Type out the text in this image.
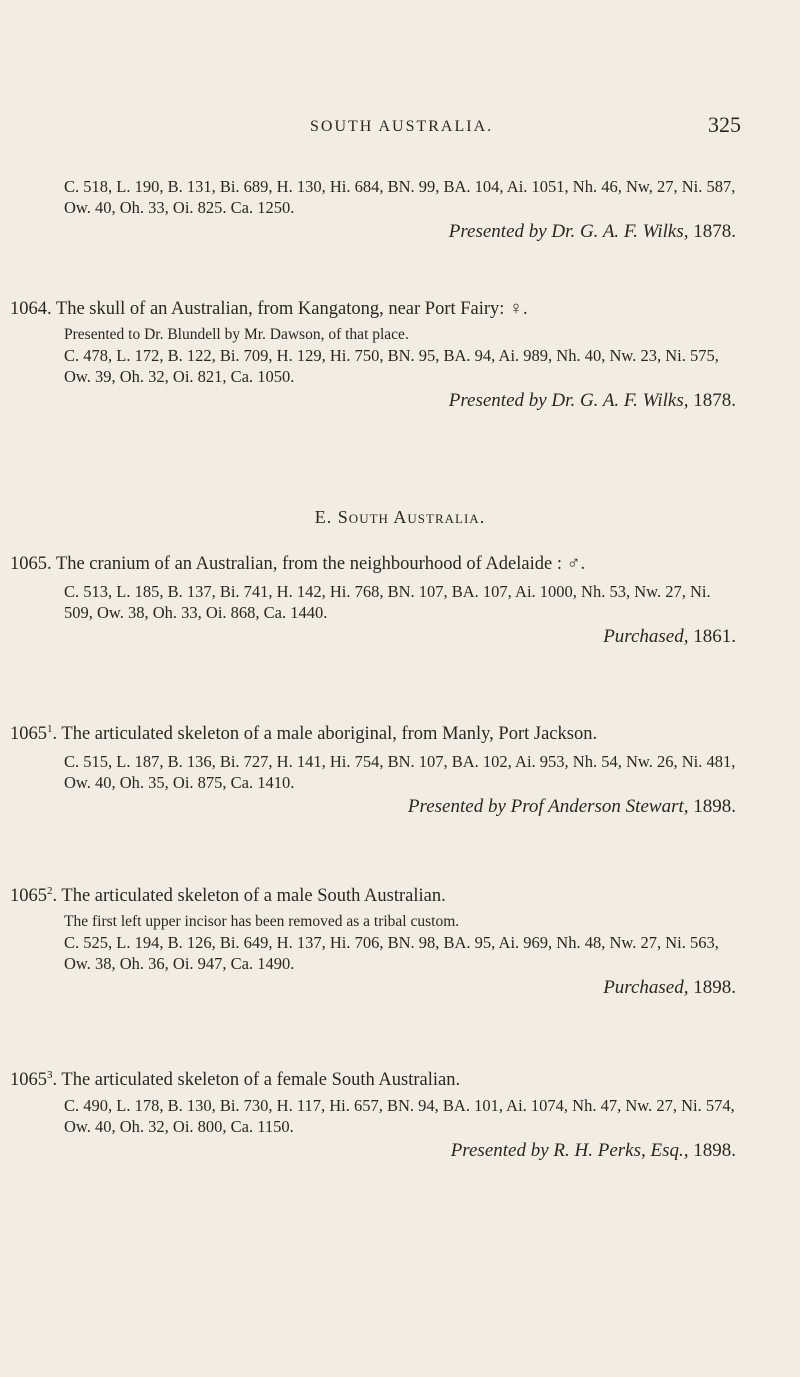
SOUTH AUSTRALIA.	325
C. 518, L. 190, B. 131, Bi. 689, H. 130, Hi. 684, BN. 99, BA. 104, Ai. 1051, Nh. 46, Nw, 27, Ni. 587, Ow. 40, Oh. 33, Oi. 825. Ca. 1250.
Presented by Dr. G. A. F. Wilks, 1878.
1064. The skull of an Australian, from Kangatong, near Port Fairy: ♀.
Presented to Dr. Blundell by Mr. Dawson, of that place.
C. 478, L. 172, B. 122, Bi. 709, H. 129, Hi. 750, BN. 95, BA. 94, Ai. 989, Nh. 40, Nw. 23, Ni. 575, Ow. 39, Oh. 32, Oi. 821, Ca. 1050.
Presented by Dr. G. A. F. Wilks, 1878.
E. South Australia.
1065. The cranium of an Australian, from the neighbourhood of Adelaide : ♂.
C. 513, L. 185, B. 137, Bi. 741, H. 142, Hi. 768, BN. 107, BA. 107, Ai. 1000, Nh. 53, Nw. 27, Ni. 509, Ow. 38, Oh. 33, Oi. 868, Ca. 1440.
Purchased, 1861.
1065$^1$. The articulated skeleton of a male aboriginal, from Manly, Port Jackson.
C. 515, L. 187, B. 136, Bi. 727, H. 141, Hi. 754, BN. 107, BA. 102, Ai. 953, Nh. 54, Nw. 26, Ni. 481, Ow. 40, Oh. 35, Oi. 875, Ca. 1410.
Presented by Prof Anderson Stewart, 1898.
1065$^2$. The articulated skeleton of a male South Australian.
The first left upper incisor has been removed as a tribal custom.
C. 525, L. 194, B. 126, Bi. 649, H. 137, Hi. 706, BN. 98, BA. 95, Ai. 969, Nh. 48, Nw. 27, Ni. 563, Ow. 38, Oh. 36, Oi. 947, Ca. 1490.
Purchased, 1898.
1065$^3$. The articulated skeleton of a female South Australian.
C. 490, L. 178, B. 130, Bi. 730, H. 117, Hi. 657, BN. 94, BA. 101, Ai. 1074, Nh. 47, Nw. 27, Ni. 574, Ow. 40, Oh. 32, Oi. 800, Ca. 1150.
Presented by R. H. Perks, Esq., 1898.
